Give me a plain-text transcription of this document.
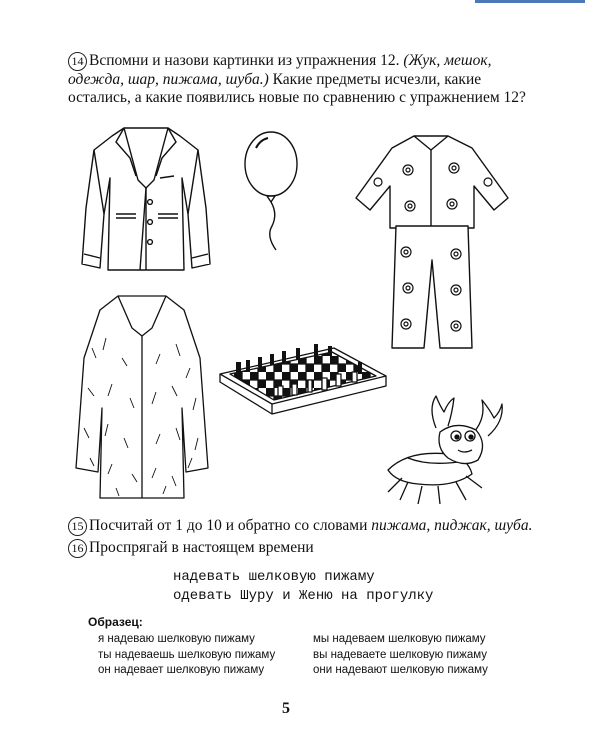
14 Вспомни и назови картинки из упражнения 12. (Жук, мешок, одежда, шар, пижама, шуба.) Какие предметы исчезли, какие остались, а какие появились новые по сравнению с упражнением 12?
15 Посчитай от 1 до 10 и обратно со словами пижама, пиджак, шуба.
16 Проспрягай в настоящем времени
надевать шелковую пижаму
одевать Шуру и Женю на прогулку
Образец:
я надеваю шелковую пижаму
ты надеваешь шелковую пижаму
он надевает шелковую пижаму
мы надеваем шелковую пижаму
вы надеваете шелковую пижаму
они надевают шелковую пижаму
5
